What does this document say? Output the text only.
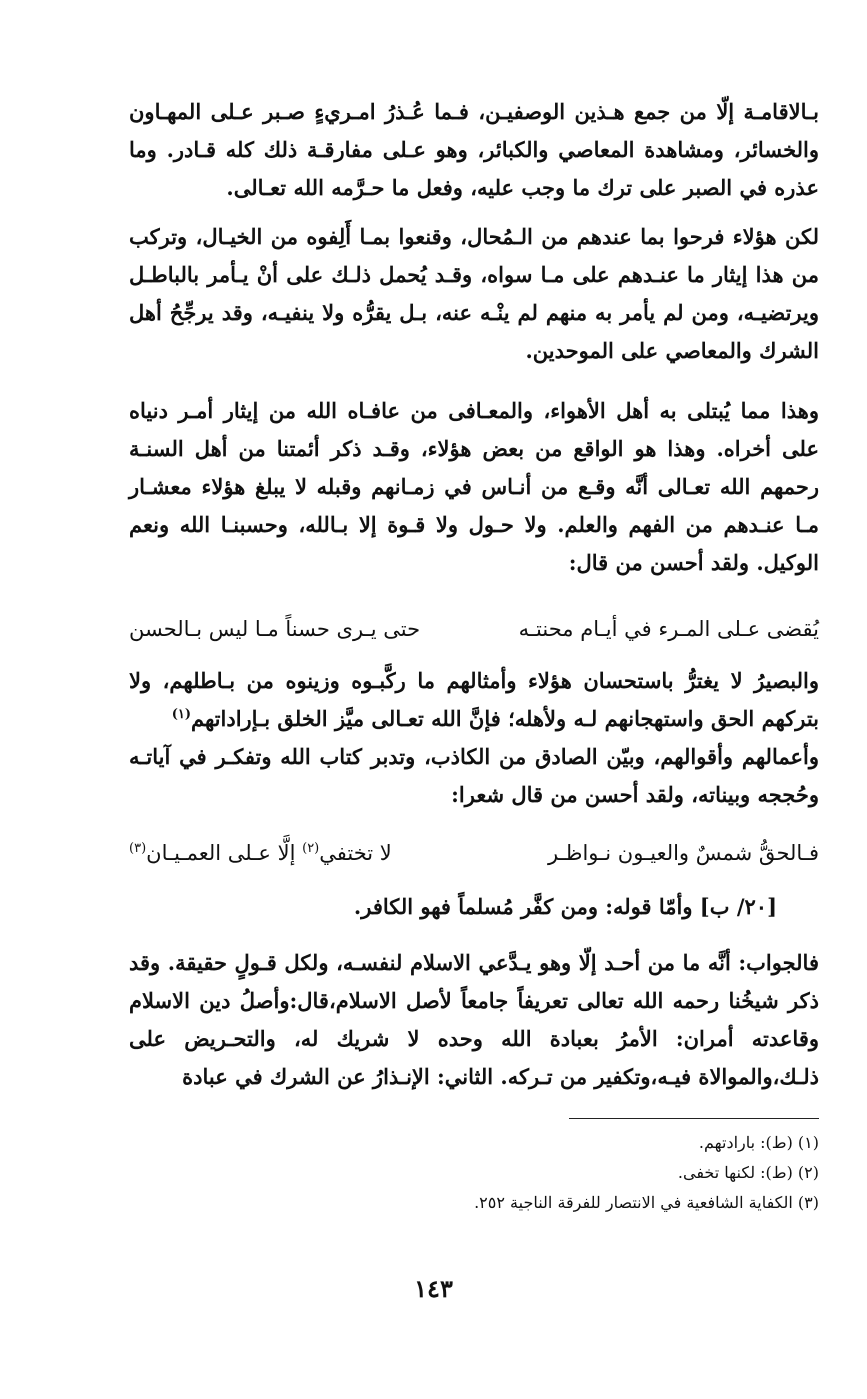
بـالاقامـة إلّا من جمع هـذين الوصفيـن، فـما عُـذرُ امـريءٍ صـبر عـلى المهـاون والخسائر، ومشاهدة المعاصي والكبائر، وهو عـلى مفارقـة ذلك كله قـادر. وما عذره في الصبر على ترك ما وجب عليه، وفعل ما حـرَّمه الله تعـالى.

لكن هؤلاء فرحوا بما عندهم من الـمُحال، وقنعوا بمـا أَلِفوه من الخيـال، وتركب من هذا إيثار ما عنـدهم على مـا سواه، وقـد يُحمل ذلـك على أنْ يـأمر بالباطـل ويرتضيـه، ومن لم يأمر به منهم لم ينْـه عنه، بـل يقرُّه ولا ينفيـه، وقد يرجِّحُ أهل الشرك والمعاصي على الموحدين.

وهذا مما يُبتلى به أهل الأهواء، والمعـافى من عافـاه الله من إيثار أمـر دنياه على أخراه. وهذا هو الواقع من بعض هؤلاء، وقـد ذكر أئمتنا من أهل السنـة رحمهم الله تعـالى أنَّه وقـع من أنـاس في زمـانهم وقبله لا يبلغ هؤلاء معشـار مـا عنـدهم من الفهم والعلم. ولا حـول ولا قـوة إلا بـالله، وحسبنـا الله ونعم الوكيل. ولقد أحسن من قال:

يُقضى عـلى المـرء في أيـام محنتـه
حتى يـرى حسناً مـا ليس بـالحسن

والبصيرُ لا يغترُّ باستحسان هؤلاء وأمثالهم ما ركَّبـوه وزينوه من بـاطلهم، ولا بتركهم الحق واستهجانهم لـه ولأهله؛ فإنَّ الله تعـالى ميَّز الخلق بـإراداتهم$^{(١)}$

وأعمالهم وأقوالهم، وبيّن الصادق من الكاذب، وتدبر كتاب الله وتفكـر في آياتـه وحُججه وبيناته، ولقد أحسن من قال شعرا:

فـالحقُّ شمسٌ والعيـون نـواظـر
لا تختفي$^{(٢)}$ إلَّا عـلى العمـيـان$^{(٣)}$

[٢٠/ ب] وأمّا قوله: ومن كفَّر مُسلماً فهو الكافر.

فالجواب: أنَّه ما من أحـد إلّا وهو يـدَّعي الاسلام لنفسـه، ولكل قـولٍ حقيقة. وقد ذكر شيخُنا رحمه الله تعالى تعريفاً جامعاً لأصل الاسلام،قال:وأصلُ دين الاسلام وقاعدته أمران: الأمرُ بعبادة الله وحده لا شريك له، والتحـريض على ذلـك،والموالاة فيـه،وتكفير من تـركه. الثاني: الإنـذارُ عن الشرك في عبادة

(١) (ط): بارادتهم.
(٢) (ط): لكنها تخفى.
(٣) الكفاية الشافعية في الانتصار للفرقة الناجية ٢٥٢.
١٤٣
